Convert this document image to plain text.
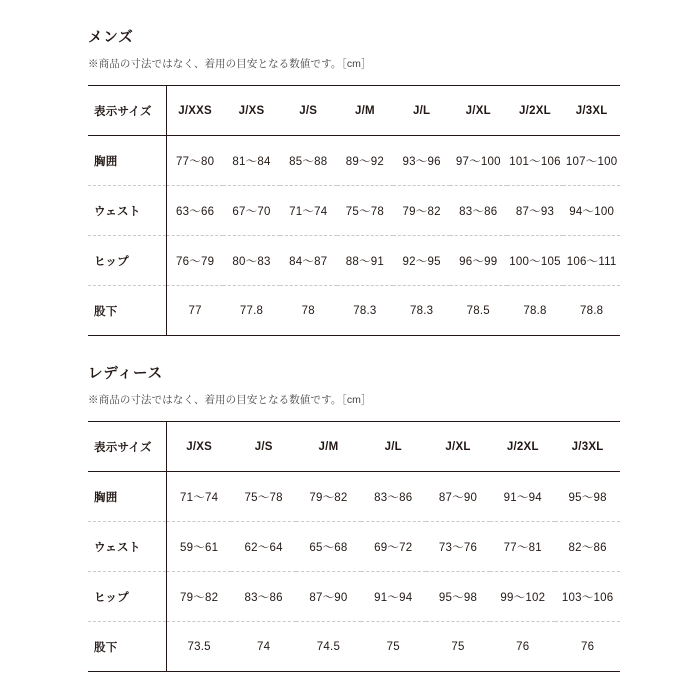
メンズ

※商品の寸法ではなく、着用の目安となる数値です。［cm］

表示サイズ	J/XXS	J/XS	J/S	J/M	J/L	J/XL	J/2XL	J/3XL
胸囲	77〜80	81〜84	85〜88	89〜92	93〜96	97〜100	101〜106	107〜100
ウェスト	63〜66	67〜70	71〜74	75〜78	79〜82	83〜86	87〜93	94〜100
ヒップ	76〜79	80〜83	84〜87	88〜91	92〜95	96〜99	100〜105	106〜111
股下	77	77.8	78	78.3	78.3	78.5	78.8	78.8
レディース

※商品の寸法ではなく、着用の目安となる数値です。［cm］

表示サイズ	J/XS	J/S	J/M	J/L	J/XL	J/2XL	J/3XL
胸囲	71〜74	75〜78	79〜82	83〜86	87〜90	91〜94	95〜98
ウェスト	59〜61	62〜64	65〜68	69〜72	73〜76	77〜81	82〜86
ヒップ	79〜82	83〜86	87〜90	91〜94	95〜98	99〜102	103〜106
股下	73.5	74	74.5	75	75	76	76
